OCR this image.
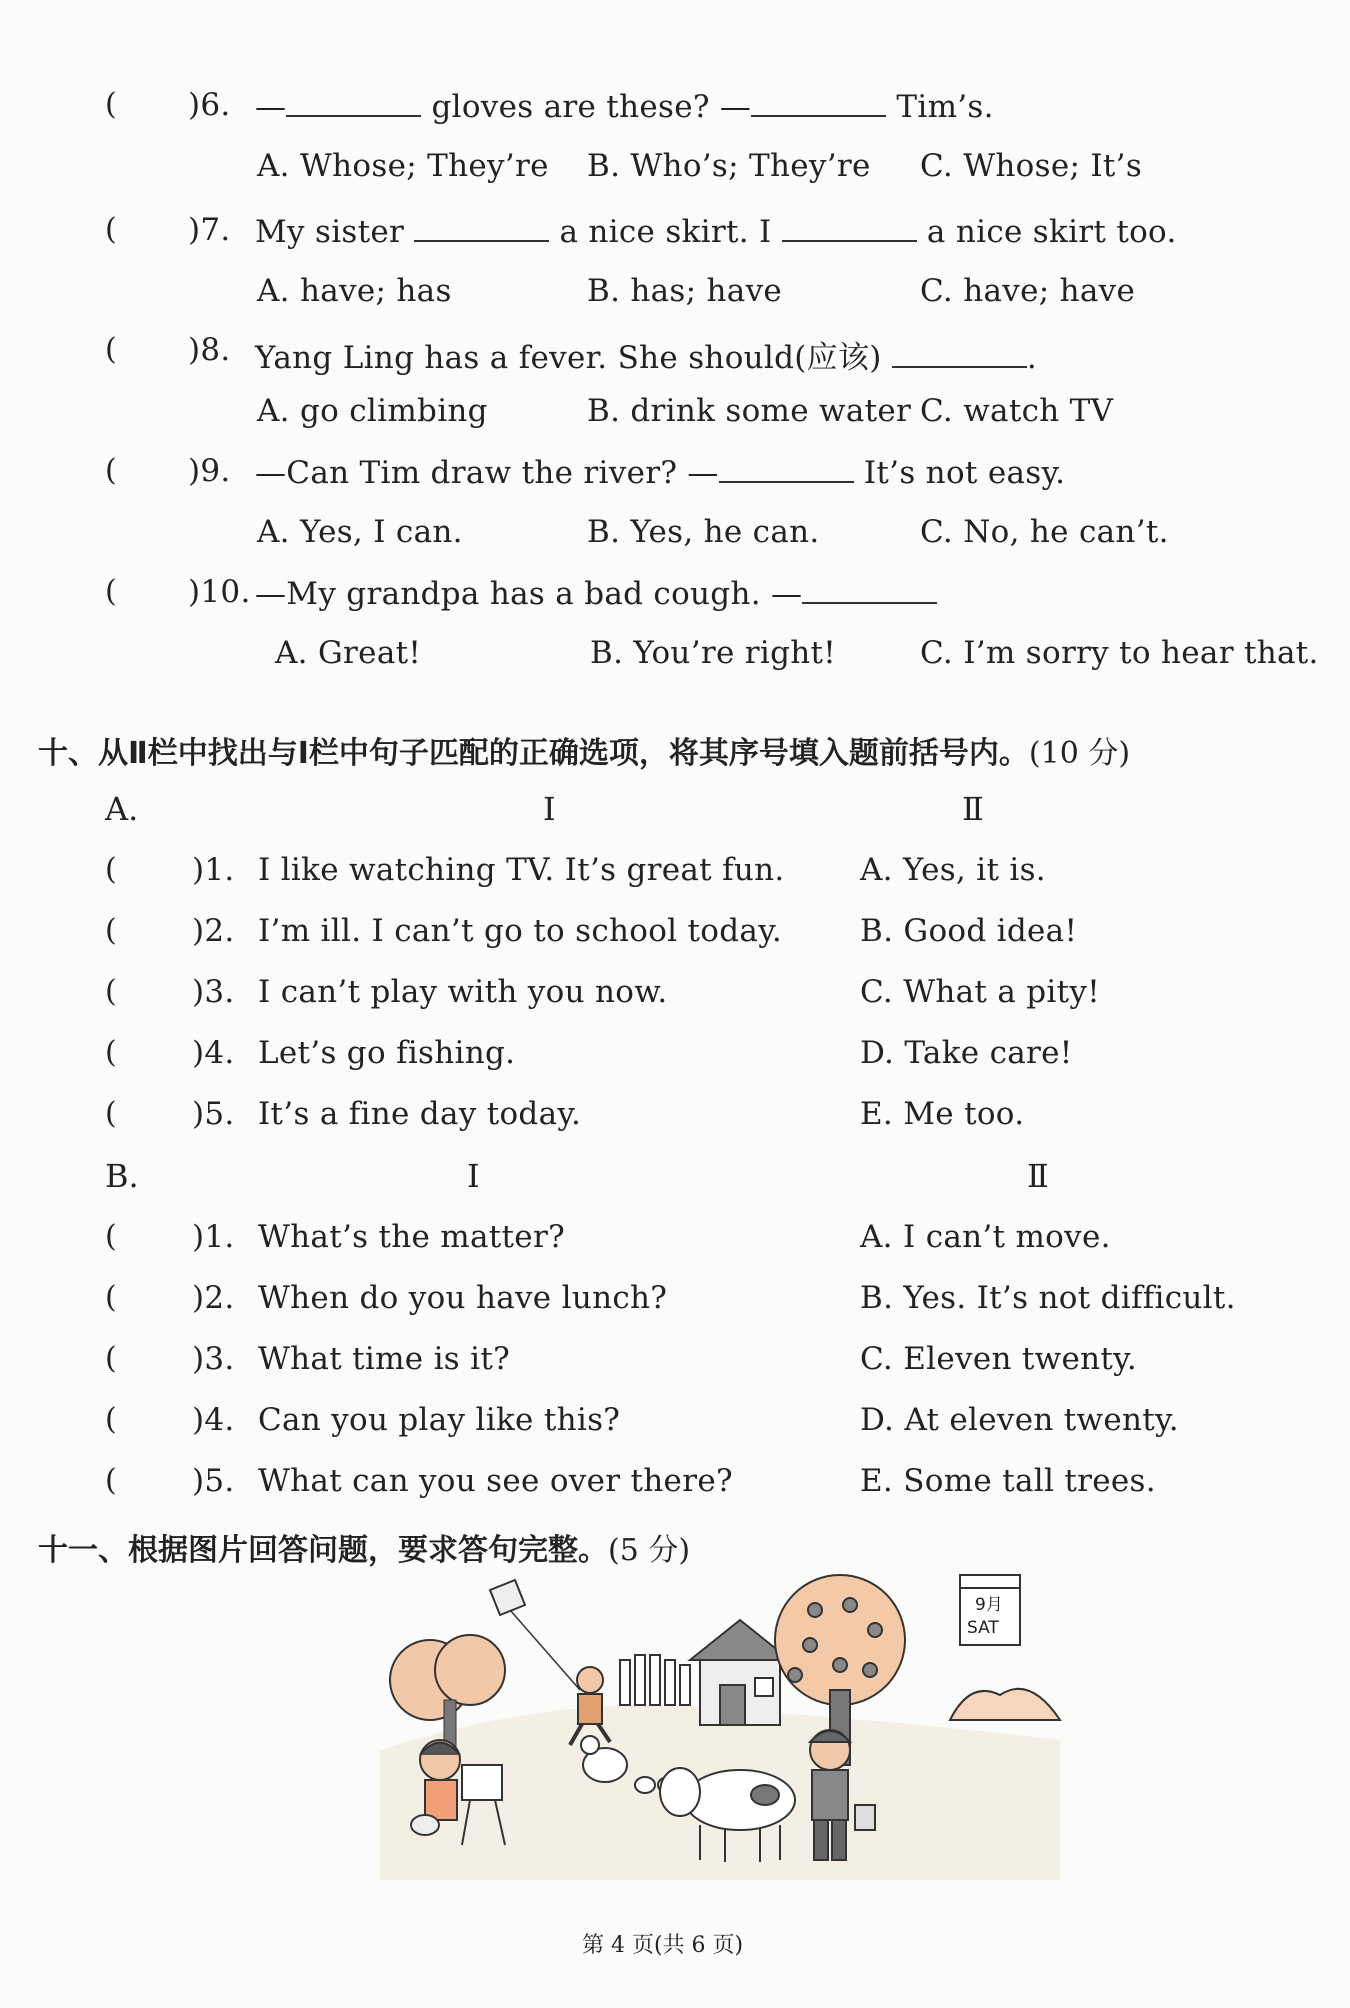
( )6. —	gloves are these? —	Tim’s.
A. Whose; They’re B. Who’s; They’re C. Whose; It’s
( )7. My sister	a nice skirt. I	a nice skirt too.
A. have; has	B. has; have	C. have; have
( )8. Yang Ling has a fever. She should(应该)	.
A. go climbing	B. drink some water C. watch TV
( )9. —Can Tim draw the river? —	It’s not easy.
A. Yes, I can.	B. Yes, he can.	C. No, he can’t.
( )10. —My grandpa has a bad cough. —
A. Great!	B. You’re right!	C. I’m sorry to hear that.
十、从Ⅱ栏中找出与Ⅰ栏中句子匹配的正确选项，将其序号填入题前括号内。(10 分)
A.	Ⅰ	Ⅱ
( )1. I like watching TV. It’s great fun. A. Yes, it is.
( )2. I’m ill. I can’t go to school today.	B. Good idea!
( )3. I can’t play with you now.	C. What a pity!
( )4. Let’s go fishing.	D. Take care!
( )5. It’s a fine day today.	E. Me too.
B.	Ⅰ	Ⅱ
( )1. What’s the matter?	A. I can’t move.
( )2. When do you have lunch?	B. Yes. It’s not difficult.
( )3. What time is it?	C. Eleven twenty.
( )4. Can you play like this?	D. At eleven twenty.
( )5. What can you see over there?	E. Some tall trees.
十一、根据图片回答问题，要求答句完整。(5 分)
第 4 页(共 6 页)
9月
SAT
